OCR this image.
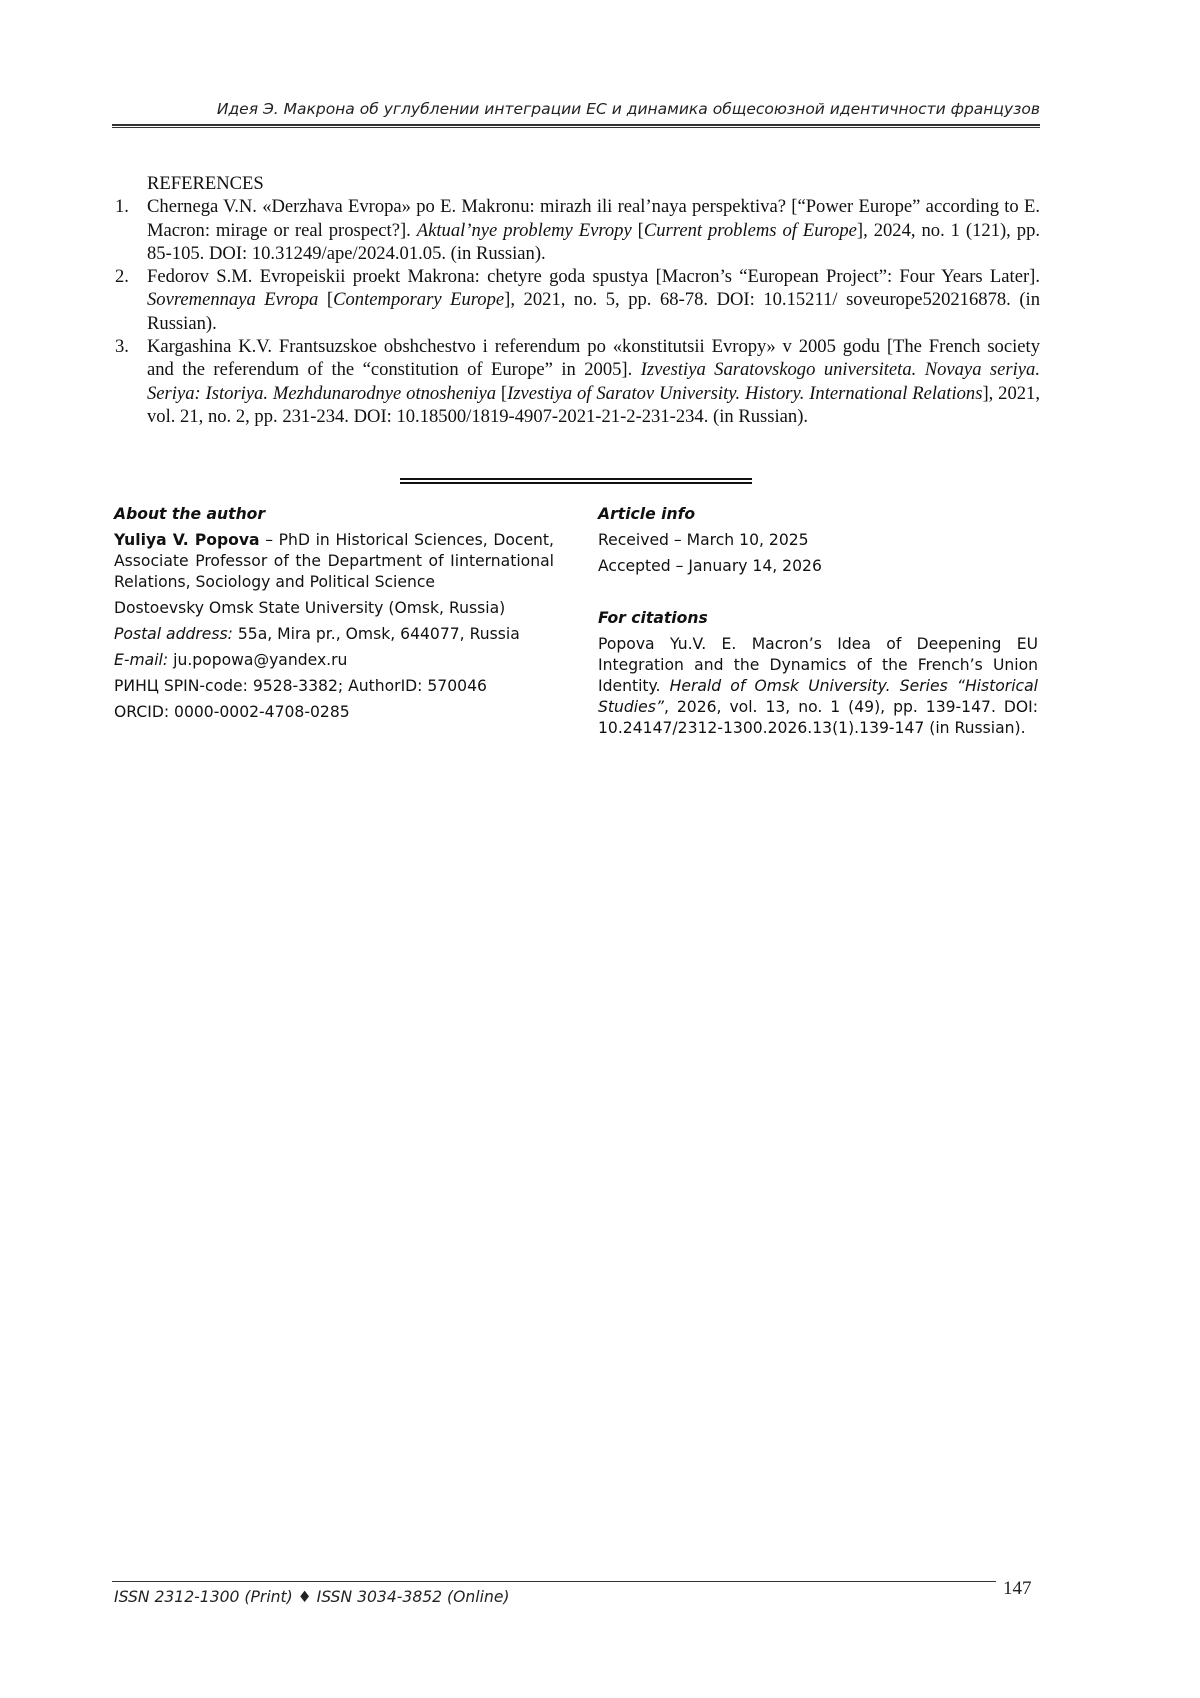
Идея Э. Макрона об углублении интеграции ЕС и динамика общесоюзной идентичности французов
REFERENCES
1. Chernega V.N. «Derzhava Evropa» po E. Makronu: mirazh ili real’naya perspektiva? [“Power Europe” according to E. Macron: mirage or real prospect?]. Aktual’nye problemy Evropy [Current problems of Europe], 2024, no. 1 (121), pp. 85-105. DOI: 10.31249/ape/2024.01.05. (in Russian).
2. Fedorov S.M. Evropeiskii proekt Makrona: chetyre goda spustya [Macron’s “European Project”: Four Years Later]. Sovremennaya Evropa [Contemporary Europe], 2021, no. 5, pp. 68-78. DOI: 10.15211/ soveurope520216878. (in Russian).
3. Kargashina K.V. Frantsuzskoe obshchestvo i referendum po «konstitutsii Evropy» v 2005 godu [The French society and the referendum of the “constitution of Europe” in 2005]. Izvestiya Saratovskogo universiteta. Novaya seriya. Seriya: Istoriya. Mezhdunarodnye otnosheniya [Izvestiya of Saratov University. History. International Relations], 2021, vol. 21, no. 2, pp. 231-234. DOI: 10.18500/1819-4907-2021-21-2-231-234. (in Russian).
About the author

Yuliya V. Popova – PhD in Historical Sciences, Docent, Associate Professor of the Department of Iinternational Relations, Sociology and Political Science

Dostoevsky Omsk State University (Omsk, Russia)

Postal address: 55a, Mira pr., Omsk, 644077, Russia

E-mail: ju.popowa@yandex.ru

РИНЦ SPIN-code: 9528-3382; AuthorID: 570046

ORCID: 0000-0002-4708-0285

Article info

Received – March 10, 2025

Accepted – January 14, 2026

For citations

Popova Yu.V. E. Macron’s Idea of Deepening EU Integration and the Dynamics of the French’s Union Identity. Herald of Omsk University. Series “Historical Studies”, 2026, vol. 13, no. 1 (49), pp. 139-147. DOI: 10.24147/2312-1300.2026.13(1).139-147 (in Russian).

ISSN 2312-1300 (Print) ♦ ISSN 3034-3852 (Online)	147
